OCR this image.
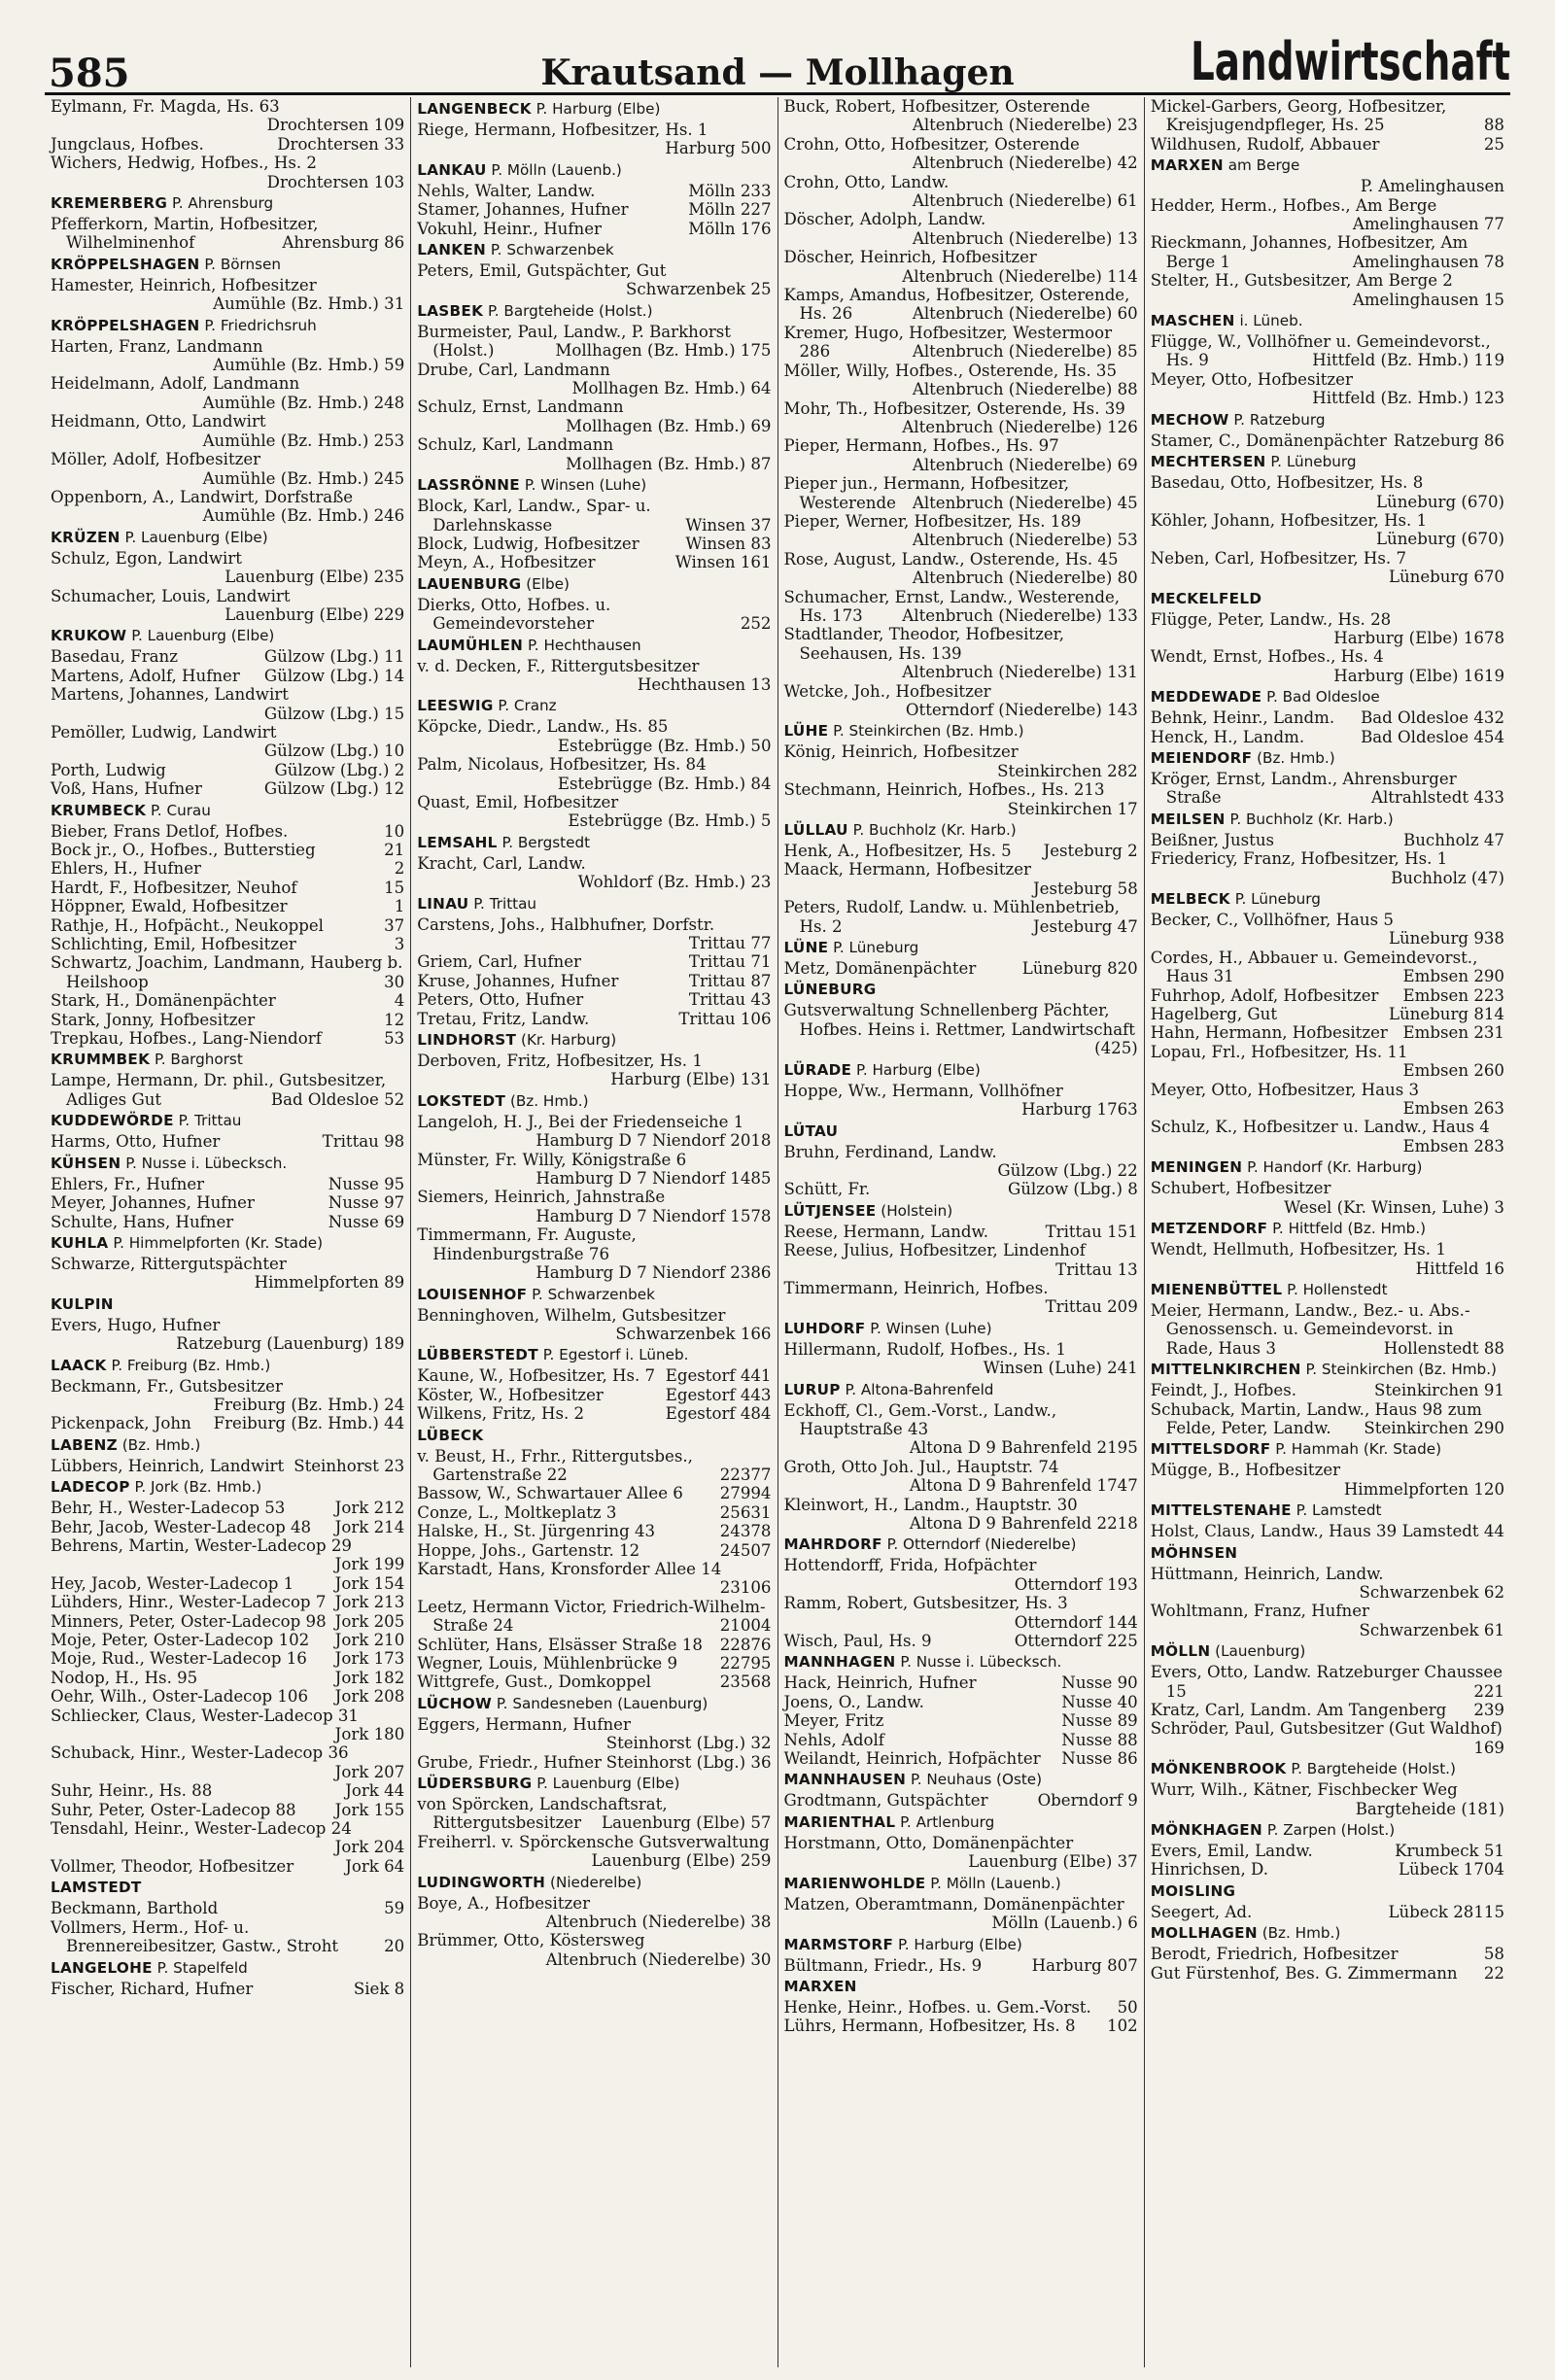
585	Krautsand — Mollhagen	Landwirtschaft
Eylmann, Fr. Magda, Hs. 63
Drochtersen 109
Jungclaus, Hofbes.	Drochtersen 33
Wichers, Hedwig, Hofbes., Hs. 2
Drochtersen 103
KREMERBERG P. Ahrensburg
Pfefferkorn, Martin, Hofbesitzer, Wilhelminenhof	Ahrensburg 86
KRÖPPELSHAGEN P. Börnsen
Hamester, Heinrich, Hofbesitzer
Aumühle (Bz. Hmb.) 31
KRÖPPELSHAGEN P. Friedrichsruh
Harten, Franz, Landmann
Aumühle (Bz. Hmb.) 59
Heidelmann, Adolf, Landmann
Aumühle (Bz. Hmb.) 248
Heidmann, Otto, Landwirt
Aumühle (Bz. Hmb.) 253
Möller, Adolf, Hofbesitzer
Aumühle (Bz. Hmb.) 245
Oppenborn, A., Landwirt, Dorfstraße
Aumühle (Bz. Hmb.) 246
KRÜZEN P. Lauenburg (Elbe)
Schulz, Egon, Landwirt
Lauenburg (Elbe) 235
Schumacher, Louis, Landwirt
Lauenburg (Elbe) 229
KRUKOW P. Lauenburg (Elbe)
Basedau, Franz	Gülzow (Lbg.) 11
Martens, Adolf, Hufner Gülzow (Lbg.) 14
Martens, Johannes, Landwirt
Gülzow (Lbg.) 15
Pemöller, Ludwig, Landwirt
Gülzow (Lbg.) 10
Porth, Ludwig	Gülzow (Lbg.) 2
Voß, Hans, Hufner	Gülzow (Lbg.) 12
KRUMBECK P. Curau
Bieber, Frans Detlof, Hofbes.	10
Bock jr., O., Hofbes., Butterstieg	21
Ehlers, H., Hufner	2
Hardt, F., Hofbesitzer, Neuhof	15
Höppner, Ewald, Hofbesitzer	1
Rathje, H., Hofpächt., Neukoppel	37
Schlichting, Emil, Hofbesitzer	3
Schwartz, Joachim, Landmann, Hauberg b. Heilshoop	30
Stark, H., Domänenpächter	4
Stark, Jonny, Hofbesitzer	12
Trepkau, Hofbes., Lang-Niendorf	53
KRUMMBEK P. Barghorst
Lampe, Hermann, Dr. phil., Gutsbesitzer, Adliges Gut	Bad Oldesloe 52
KUDDEWÖRDE P. Trittau
Harms, Otto, Hufner	Trittau 98
KÜHSEN P. Nusse i. Lübecksch.
Ehlers, Fr., Hufner	Nusse 95
Meyer, Johannes, Hufner	Nusse 97
Schulte, Hans, Hufner	Nusse 69
KUHLA P. Himmelpforten (Kr. Stade)
Schwarze, Rittergutspächter
Himmelpforten 89
KULPIN
Evers, Hugo, Hufner
Ratzeburg (Lauenburg) 189
LAACK P. Freiburg (Bz. Hmb.)
Beckmann, Fr., Gutsbesitzer
Freiburg (Bz. Hmb.) 24
Pickenpack, John Freiburg (Bz. Hmb.) 44
LABENZ (Bz. Hmb.)
Lübbers, Heinrich, Landwirt Steinhorst 23
LADECOP P. Jork (Bz. Hmb.)
Behr, H., Wester-Ladecop 53	Jork 212
Behr, Jacob, Wester-Ladecop 48 Jork 214
Behrens, Martin, Wester-Ladecop 29
Jork 199
Hey, Jacob, Wester-Ladecop 1	Jork 154
Lühders, Hinr., Wester-Ladecop 7 Jork 213
Minners, Peter, Oster-Ladecop 98 Jork 205
Moje, Peter, Oster-Ladecop 102 Jork 210
Moje, Rud., Wester-Ladecop 16 Jork 173
Nodop, H., Hs. 95	Jork 182
Oehr, Wilh., Oster-Ladecop 106 Jork 208
Schliecker, Claus, Wester-Ladecop 31
Jork 180
Schuback, Hinr., Wester-Ladecop 36
Jork 207
Suhr, Heinr., Hs. 88	Jork 44
Suhr, Peter, Oster-Ladecop 88 Jork 155
Tensdahl, Heinr., Wester-Ladecop 24
Jork 204
Vollmer, Theodor, Hofbesitzer	Jork 64
LAMSTEDT
Beckmann, Barthold	59
Vollmers, Herm., Hof- u. Brennereibesitzer, Gastw., Stroht	20
LANGELOHE P. Stapelfeld
Fischer, Richard, Hufner	Siek 8
LANGENBECK P. Harburg (Elbe)
Riege, Hermann, Hofbesitzer, Hs. 1
Harburg 500
LANKAU P. Mölln (Lauenb.)
Nehls, Walter, Landw.	Mölln 233
Stamer, Johannes, Hufner	Mölln 227
Vokuhl, Heinr., Hufner	Mölln 176
LANKEN P. Schwarzenbek
Peters, Emil, Gutspächter, Gut
Schwarzenbek 25
LASBEK P. Bargteheide (Holst.)
Burmeister, Paul, Landw., P. Barkhorst (Holst.)	Mollhagen (Bz. Hmb.) 175
Drube, Carl, Landmann
Mollhagen Bz. Hmb.) 64
Schulz, Ernst, Landmann
Mollhagen (Bz. Hmb.) 69
Schulz, Karl, Landmann
Mollhagen (Bz. Hmb.) 87
LASSRÖNNE P. Winsen (Luhe)
Block, Karl, Landw., Spar- u. Darlehnskasse	Winsen 37
Block, Ludwig, Hofbesitzer	Winsen 83
Meyn, A., Hofbesitzer	Winsen 161
LAUENBURG (Elbe)
Dierks, Otto, Hofbes. u. Gemeindevorsteher	252
LAUMÜHLEN P. Hechthausen
v. d. Decken, F., Rittergutsbesitzer
Hechthausen 13
LEESWIG P. Cranz
Köpcke, Diedr., Landw., Hs. 85
Estebrügge (Bz. Hmb.) 50
Palm, Nicolaus, Hofbesitzer, Hs. 84
Estebrügge (Bz. Hmb.) 84
Quast, Emil, Hofbesitzer
Estebrügge (Bz. Hmb.) 5
LEMSAHL P. Bergstedt
Kracht, Carl, Landw.
Wohldorf (Bz. Hmb.) 23
LINAU P. Trittau
Carstens, Johs., Halbhufner, Dorfstr.
Trittau 77
Griem, Carl, Hufner	Trittau 71
Kruse, Johannes, Hufner	Trittau 87
Peters, Otto, Hufner	Trittau 43
Tretau, Fritz, Landw.	Trittau 106
LINDHORST (Kr. Harburg)
Derboven, Fritz, Hofbesitzer, Hs. 1
Harburg (Elbe) 131
LOKSTEDT (Bz. Hmb.)
Langeloh, H. J., Bei der Friedenseiche 1
Hamburg D 7 Niendorf 2018
Münster, Fr. Willy, Königstraße 6
Hamburg D 7 Niendorf 1485
Siemers, Heinrich, Jahnstraße
Hamburg D 7 Niendorf 1578
Timmermann, Fr. Auguste, Hindenburgstraße 76
Hamburg D 7 Niendorf 2386
LOUISENHOF P. Schwarzenbek
Benninghoven, Wilhelm, Gutsbesitzer
Schwarzenbek 166
LÜBBERSTEDT P. Egestorf i. Lüneb.
Kaune, W., Hofbesitzer, Hs. 7 Egestorf 441
Köster, W., Hofbesitzer	Egestorf 443
Wilkens, Fritz, Hs. 2	Egestorf 484
LÜBECK
v. Beust, H., Frhr., Rittergutsbes., Gartenstraße 22	22377
Bassow, W., Schwartauer Allee 6 27994
Conze, L., Moltkeplatz 3	25631
Halske, H., St. Jürgenring 43	24378
Hoppe, Johs., Gartenstr. 12	24507
Karstadt, Hans, Kronsforder Allee 14
23106
Leetz, Hermann Victor, Friedrich-Wilhelm-Straße 24	21004
Schlüter, Hans, Elsässer Straße 18 22876
Wegner, Louis, Mühlenbrücke 9	22795
Wittgrefe, Gust., Domkoppel	23568
LÜCHOW P. Sandesneben (Lauenburg)
Eggers, Hermann, Hufner
Steinhorst (Lbg.) 32
Grube, Friedr., Hufner Steinhorst (Lbg.) 36
LÜDERSBURG P. Lauenburg (Elbe)
von Spörcken, Landschaftsrat, Rittergutsbesitzer Lauenburg (Elbe) 57
Freiherrl. v. Spörckensche Gutsverwaltung
Lauenburg (Elbe) 259
LUDINGWORTH (Niederelbe)
Boye, A., Hofbesitzer
Altenbruch (Niederelbe) 38
Brümmer, Otto, Köstersweg
Altenbruch (Niederelbe) 30
Buck, Robert, Hofbesitzer, Osterende
Altenbruch (Niederelbe) 23
Crohn, Otto, Hofbesitzer, Osterende
Altenbruch (Niederelbe) 42
Crohn, Otto, Landw.
Altenbruch (Niederelbe) 61
Döscher, Adolph, Landw.
Altenbruch (Niederelbe) 13
Döscher, Heinrich, Hofbesitzer
Altenbruch (Niederelbe) 114
Kamps, Amandus, Hofbesitzer, Osterende, Hs. 26	Altenbruch (Niederelbe) 60
Kremer, Hugo, Hofbesitzer, Westermoor 286	Altenbruch (Niederelbe) 85
Möller, Willy, Hofbes., Osterende, Hs. 35
Altenbruch (Niederelbe) 88
Mohr, Th., Hofbesitzer, Osterende, Hs. 39
Altenbruch (Niederelbe) 126
Pieper, Hermann, Hofbes., Hs. 97
Altenbruch (Niederelbe) 69
Pieper jun., Hermann, Hofbesitzer, Westerende Altenbruch (Niederelbe) 45
Pieper, Werner, Hofbesitzer, Hs. 189
Altenbruch (Niederelbe) 53
Rose, August, Landw., Osterende, Hs. 45
Altenbruch (Niederelbe) 80
Schumacher, Ernst, Landw., Westerende, Hs. 173 Altenbruch (Niederelbe) 133
Stadtlander, Theodor, Hofbesitzer, Seehausen, Hs. 139
Altenbruch (Niederelbe) 131
Wetcke, Joh., Hofbesitzer
Otterndorf (Niederelbe) 143
LÜHE P. Steinkirchen (Bz. Hmb.)
König, Heinrich, Hofbesitzer
Steinkirchen 282
Stechmann, Heinrich, Hofbes., Hs. 213
Steinkirchen 17
LÜLLAU P. Buchholz (Kr. Harb.)
Henk, A., Hofbesitzer, Hs. 5 Jesteburg 2
Maack, Hermann, Hofbesitzer
Jesteburg 58
Peters, Rudolf, Landw. u. Mühlenbetrieb, Hs. 2	Jesteburg 47
LÜNE P. Lüneburg
Metz, Domänenpächter	Lüneburg 820
LÜNEBURG
Gutsverwaltung Schnellenberg Pächter, Hofbes. Heins i. Rettmer, Landwirtschaft
(425)
LÜRADE P. Harburg (Elbe)
Hoppe, Ww., Hermann, Vollhöfner
Harburg 1763
LÜTAU
Bruhn, Ferdinand, Landw.
Gülzow (Lbg.) 22
Schütt, Fr.	Gülzow (Lbg.) 8
LÜTJENSEE (Holstein)
Reese, Hermann, Landw.	Trittau 151
Reese, Julius, Hofbesitzer, Lindenhof
Trittau 13
Timmermann, Heinrich, Hofbes.
Trittau 209
LUHDORF P. Winsen (Luhe)
Hillermann, Rudolf, Hofbes., Hs. 1
Winsen (Luhe) 241
LURUP P. Altona-Bahrenfeld
Eckhoff, Cl., Gem.-Vorst., Landw., Hauptstraße 43
Altona D 9 Bahrenfeld 2195
Groth, Otto Joh. Jul., Hauptstr. 74
Altona D 9 Bahrenfeld 1747
Kleinwort, H., Landm., Hauptstr. 30
Altona D 9 Bahrenfeld 2218
MAHRDORF P. Otterndorf (Niederelbe)
Hottendorff, Frida, Hofpächter
Otterndorf 193
Ramm, Robert, Gutsbesitzer, Hs. 3
Otterndorf 144
Wisch, Paul, Hs. 9	Otterndorf 225
MANNHAGEN P. Nusse i. Lübecksch.
Hack, Heinrich, Hufner	Nusse 90
Joens, O., Landw.	Nusse 40
Meyer, Fritz	Nusse 89
Nehls, Adolf	Nusse 88
Weilandt, Heinrich, Hofpächter Nusse 86
MANNHAUSEN P. Neuhaus (Oste)
Grodtmann, Gutspächter	Oberndorf 9
MARIENTHAL P. Artlenburg
Horstmann, Otto, Domänenpächter
Lauenburg (Elbe) 37
MARIENWOHLDE P. Mölln (Lauenb.)
Matzen, Oberamtmann, Domänenpächter
Mölln (Lauenb.) 6
MARMSTORF P. Harburg (Elbe)
Bültmann, Friedr., Hs. 9	Harburg 807
MARXEN
Henke, Heinr., Hofbes. u. Gem.-Vorst. 50
Lührs, Hermann, Hofbesitzer, Hs. 8 102
Mickel-Garbers, Georg, Hofbesitzer, Kreisjugendpfleger, Hs. 25	88
Wildhusen, Rudolf, Abbauer	25
MARXEN am Berge
P. Amelinghausen
Hedder, Herm., Hofbes., Am Berge
Amelinghausen 77
Rieckmann, Johannes, Hofbesitzer, Am Berge 1	Amelinghausen 78
Stelter, H., Gutsbesitzer, Am Berge 2
Amelinghausen 15
MASCHEN i. Lüneb.
Flügge, W., Vollhöfner u. Gemeindevorst., Hs. 9	Hittfeld (Bz. Hmb.) 119
Meyer, Otto, Hofbesitzer
Hittfeld (Bz. Hmb.) 123
MECHOW P. Ratzeburg
Stamer, C., Domänenpächter Ratzeburg 86
MECHTERSEN P. Lüneburg
Basedau, Otto, Hofbesitzer, Hs. 8
Lüneburg (670)
Köhler, Johann, Hofbesitzer, Hs. 1
Lüneburg (670)
Neben, Carl, Hofbesitzer, Hs. 7
Lüneburg 670
MECKELFELD
Flügge, Peter, Landw., Hs. 28
Harburg (Elbe) 1678
Wendt, Ernst, Hofbes., Hs. 4
Harburg (Elbe) 1619
MEDDEWADE P. Bad Oldesloe
Behnk, Heinr., Landm. Bad Oldesloe 432
Henck, H., Landm.	Bad Oldesloe 454
MEIENDORF (Bz. Hmb.)
Kröger, Ernst, Landm., Ahrensburger Straße	Altrahlstedt 433
MEILSEN P. Buchholz (Kr. Harb.)
Beißner, Justus	Buchholz 47
Friedericy, Franz, Hofbesitzer, Hs. 1
Buchholz (47)
MELBECK P. Lüneburg
Becker, C., Vollhöfner, Haus 5
Lüneburg 938
Cordes, H., Abbauer u. Gemeindevorst., Haus 31	Embsen 290
Fuhrhop, Adolf, Hofbesitzer Embsen 223
Hagelberg, Gut	Lüneburg 814
Hahn, Hermann, Hofbesitzer Embsen 231
Lopau, Frl., Hofbesitzer, Hs. 11
Embsen 260
Meyer, Otto, Hofbesitzer, Haus 3
Embsen 263
Schulz, K., Hofbesitzer u. Landw., Haus 4
Embsen 283
MENINGEN P. Handorf (Kr. Harburg)
Schubert, Hofbesitzer
Wesel (Kr. Winsen, Luhe) 3
METZENDORF P. Hittfeld (Bz. Hmb.)
Wendt, Hellmuth, Hofbesitzer, Hs. 1
Hittfeld 16
MIENENBÜTTEL P. Hollenstedt
Meier, Hermann, Landw., Bez.- u. Abs.-Genossensch. u. Gemeindevorst. in Rade, Haus 3	Hollenstedt 88
MITTELNKIRCHEN P. Steinkirchen (Bz. Hmb.)
Feindt, J., Hofbes.	Steinkirchen 91
Schuback, Martin, Landw., Haus 98 zum Felde, Peter, Landw. Steinkirchen 290
MITTELSDORF P. Hammah (Kr. Stade)
Mügge, B., Hofbesitzer
Himmelpforten 120
MITTELSTENAHE P. Lamstedt
Holst, Claus, Landw., Haus 39 Lamstedt 44
MÖHNSEN
Hüttmann, Heinrich, Landw.
Schwarzenbek 62
Wohltmann, Franz, Hufner
Schwarzenbek 61
MÖLLN (Lauenburg)
Evers, Otto, Landw. Ratzeburger Chaussee 15	221
Kratz, Carl, Landm. Am Tangenberg 239
Schröder, Paul, Gutsbesitzer (Gut Waldhof)
169
MÖNKENBROOK P. Bargteheide (Holst.)
Wurr, Wilh., Kätner, Fischbecker Weg
Bargteheide (181)
MÖNKHAGEN P. Zarpen (Holst.)
Evers, Emil, Landw.	Krumbeck 51
Hinrichsen, D.	Lübeck 1704
MOISLING
Seegert, Ad.	Lübeck 28115
MOLLHAGEN (Bz. Hmb.)
Berodt, Friedrich, Hofbesitzer	58
Gut Fürstenhof, Bes. G. Zimmermann 22
